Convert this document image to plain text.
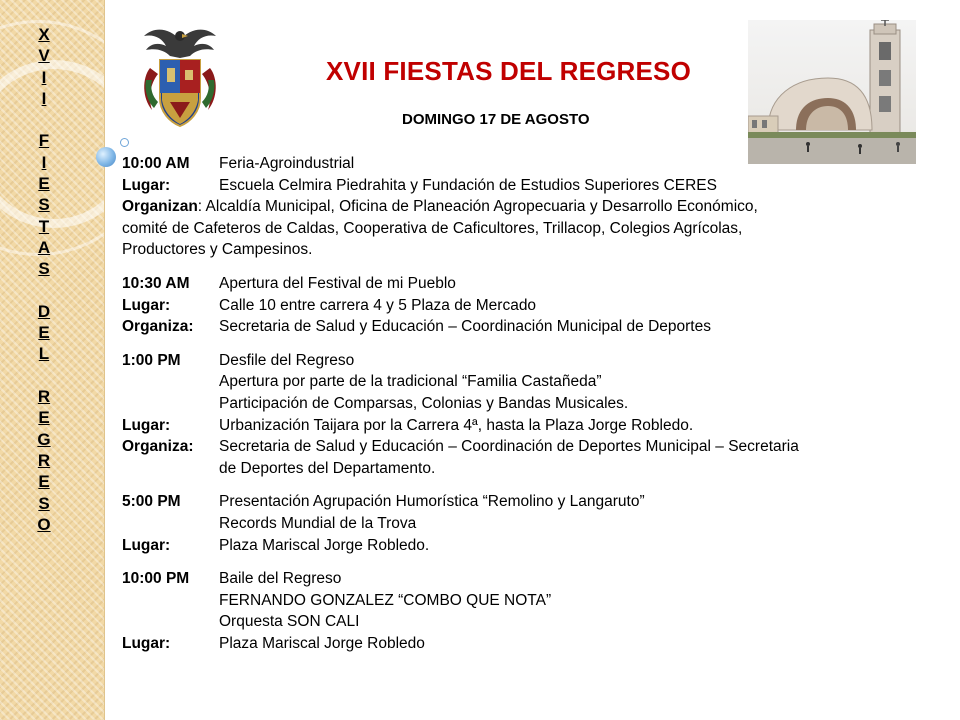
X
V
I
I

F
I
E
S
T
A
S

D
E
L

R
E
G
R
E
S
O
XVII FIESTAS DEL REGRESO
DOMINGO 17 DE AGOSTO
10:00 AM	Feria-Agroindustrial
Lugar:	Escuela Celmira Piedrahita y Fundación de Estudios Superiores CERES
Organizan: Alcaldía Municipal, Oficina de Planeación Agropecuaria y Desarrollo Económico,
comité de Cafeteros de Caldas, Cooperativa de Caficultores, Trillacop, Colegios Agrícolas,
Productores y Campesinos.
10:30 AM	Apertura del Festival de mi Pueblo
Lugar:	Calle 10 entre carrera 4 y 5 Plaza de Mercado
Organiza:	Secretaria de Salud y Educación – Coordinación Municipal de Deportes
1:00 PM	Desfile del Regreso
Apertura por parte de la tradicional “Familia Castañeda”
Participación de Comparsas, Colonias y Bandas Musicales.
Lugar:	Urbanización Taijara por la Carrera 4ª, hasta la Plaza Jorge Robledo.
Organiza:	Secretaria de Salud y Educación – Coordinación de Deportes Municipal – Secretaria
de Deportes del Departamento.
5:00 PM	Presentación Agrupación Humorística “Remolino y Langaruto”
Records Mundial de la Trova
Lugar:	Plaza Mariscal Jorge Robledo.
10:00 PM	Baile del Regreso
FERNANDO GONZALEZ “COMBO QUE NOTA”
Orquesta SON CALI
Lugar:	Plaza Mariscal Jorge Robledo
